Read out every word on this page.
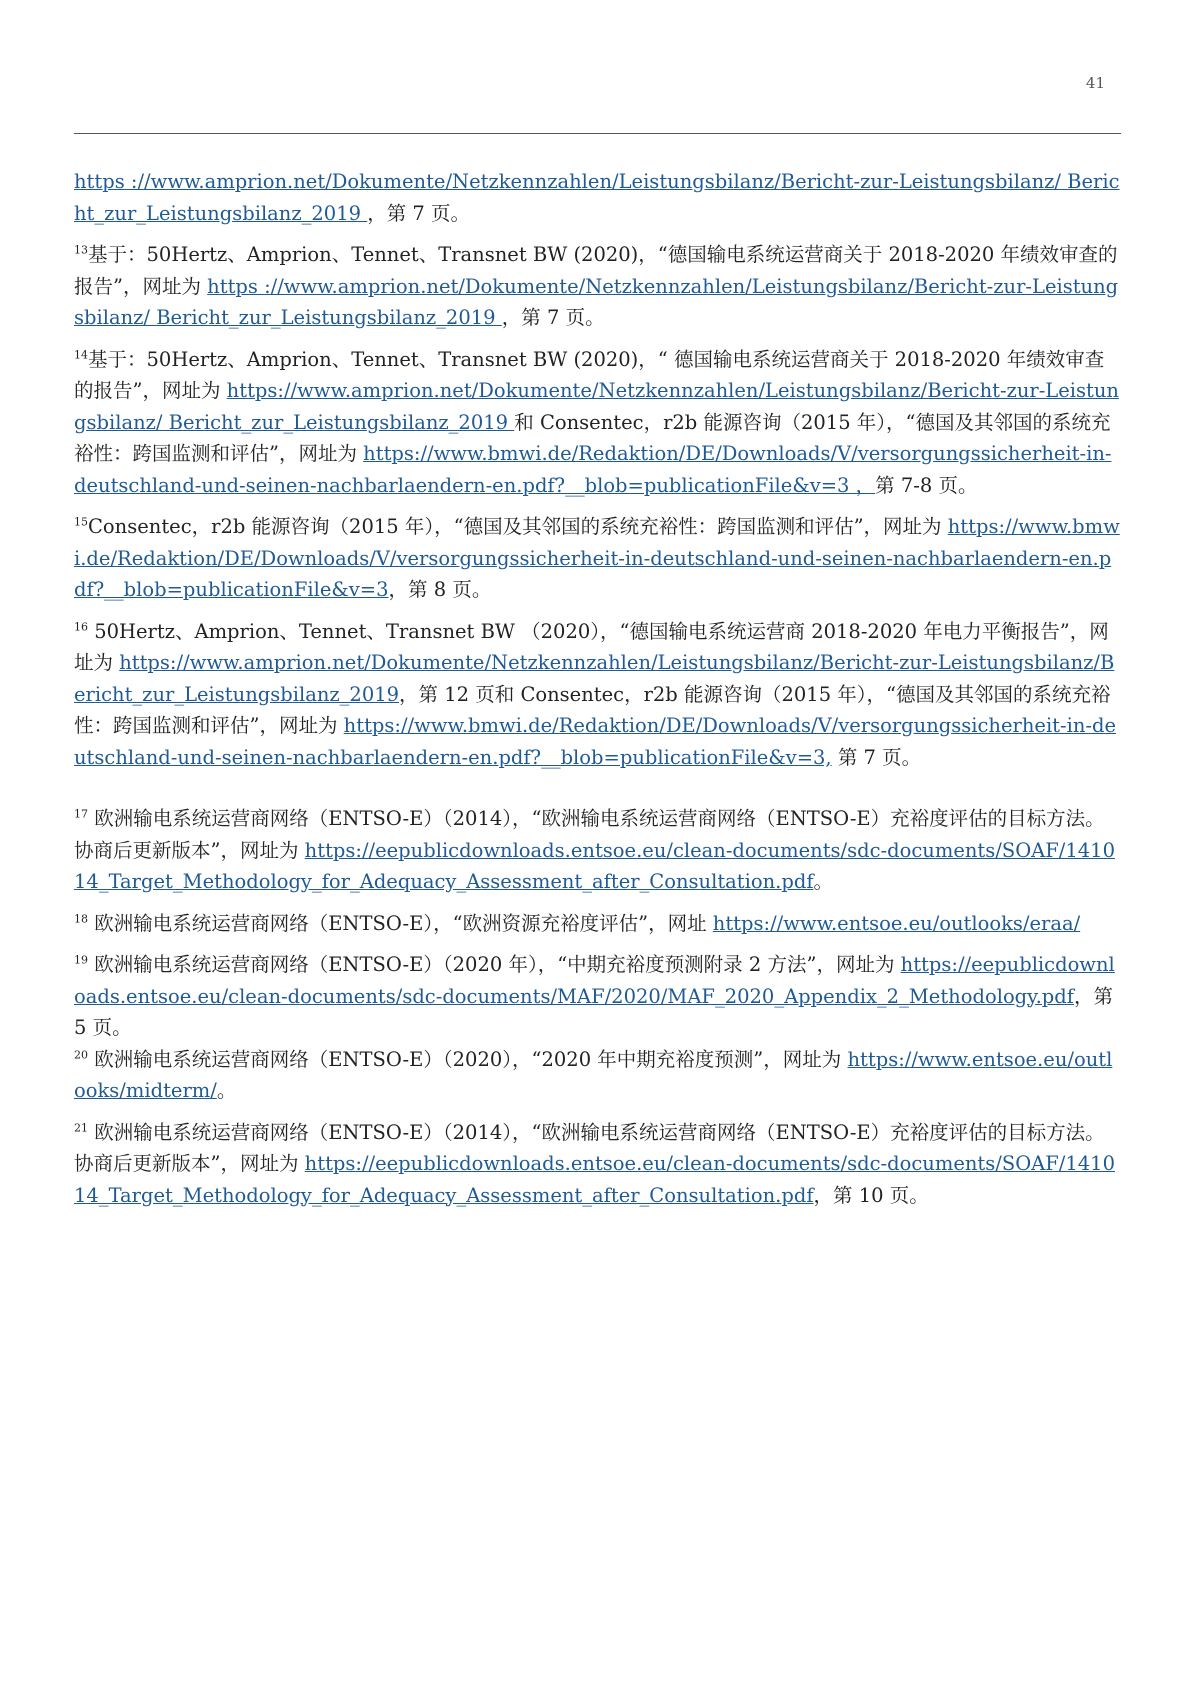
41

https ://www.amprion.net/Dokumente/Netzkennzahlen/Leistungsbilanz/Bericht-zur-Leistungsbilanz/ Bericht_zur_Leistungsbilanz_2019 ，第 7 页。

$^{13}$基于：50Hertz、Amprion、Tennet、Transnet BW (2020)，“德国输电系统运营商关于 2018-2020 年绩效审查的报告”，网址为 https ://www.amprion.net/Dokumente/Netzkennzahlen/Leistungsbilanz/Bericht-zur-Leistungsbilanz/ Bericht_zur_Leistungsbilanz_2019 ，第 7 页。

$^{14}$基于：50Hertz、Amprion、Tennet、Transnet BW (2020)，“ 德国输电系统运营商关于 2018-2020 年绩效审查的报告”，网址为 https://www.amprion.net/Dokumente/Netzkennzahlen/Leistungsbilanz/Bericht-zur-Leistungsbilanz/ Bericht_zur_Leistungsbilanz_2019 和 Consentec，r2b 能源咨询（2015 年），“德国及其邻国的系统充裕性：跨国监测和评估”，网址为 https://www.bmwi.de/Redaktion/DE/Downloads/V/versorgungssicherheit-in- deutschland-und-seinen-nachbarlaendern-en.pdf?__blob=publicationFile&v=3 ，第 7-8 页。

$^{15}$Consentec，r2b 能源咨询（2015 年），“德国及其邻国的系统充裕性：跨国监测和评估”，网址为 https://www.bmwi.de/Redaktion/DE/Downloads/V/versorgungssicherheit-in-deutschland-und-seinen-nachbarlaendern-en.pdf?__blob=publicationFile&v=3，第 8 页。

$^{16}$ 50Hertz、Amprion、Tennet、Transnet BW （2020），“德国输电系统运营商 2018-2020 年电力平衡报告”，网址为 https://www.amprion.net/Dokumente/Netzkennzahlen/Leistungsbilanz/Bericht-zur-Leistungsbilanz/Bericht_zur_Leistungsbilanz_2019，第 12 页和 Consentec，r2b 能源咨询（2015 年），“德国及其邻国的系统充裕性：跨国监测和评估”，网址为 https://www.bmwi.de/Redaktion/DE/Downloads/V/versorgungssicherheit-in-deutschland-und-seinen-nachbarlaendern-en.pdf?__blob=publicationFile&v=3, 第 7 页。

$^{17}$ 欧洲输电系统运营商网络（ENTSO-E）（2014），“欧洲输电系统运营商网络（ENTSO-E）充裕度评估的目标方法。协商后更新版本”，网址为 https://eepublicdownloads.entsoe.eu/clean-documents/sdc-documents/SOAF/141014_Target_Methodology_for_Adequacy_Assessment_after_Consultation.pdf。

$^{18}$ 欧洲输电系统运营商网络（ENTSO-E），“欧洲资源充裕度评估”，网址 https://www.entsoe.eu/outlooks/eraa/

$^{19}$ 欧洲输电系统运营商网络（ENTSO-E）（2020 年），“中期充裕度预测附录 2 方法”，网址为 https://eepublicdownloads.entsoe.eu/clean-documents/sdc-documents/MAF/2020/MAF_2020_Appendix_2_Methodology.pdf，第 5 页。

$^{20}$ 欧洲输电系统运营商网络（ENTSO-E）（2020），“2020 年中期充裕度预测”，网址为 https://www.entsoe.eu/outlooks/midterm/。

$^{21}$ 欧洲输电系统运营商网络（ENTSO-E）（2014），“欧洲输电系统运营商网络（ENTSO-E）充裕度评估的目标方法。协商后更新版本”，网址为 https://eepublicdownloads.entsoe.eu/clean-documents/sdc-documents/SOAF/141014_Target_Methodology_for_Adequacy_Assessment_after_Consultation.pdf，第 10 页。
